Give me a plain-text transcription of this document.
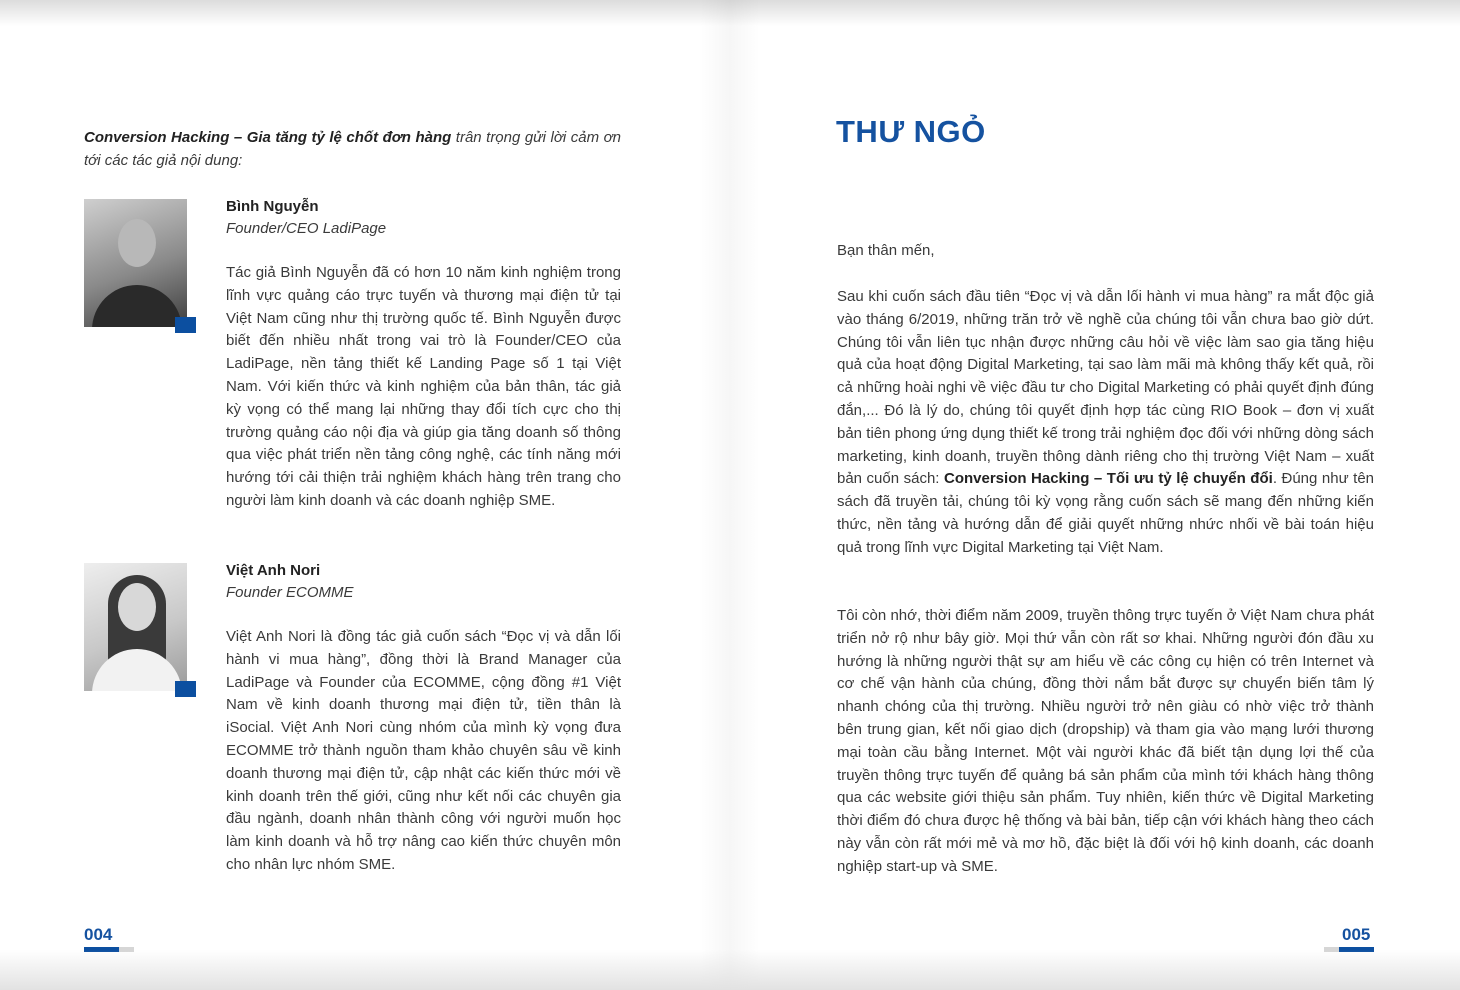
Conversion Hacking – Gia tăng tỷ lệ chốt đơn hàng trân trọng gửi lời cảm ơn tới các tác giả nội dung:

Bình Nguyễn
Founder/CEO LadiPage

Tác giả Bình Nguyễn đã có hơn 10 năm kinh nghiệm trong lĩnh vực quảng cáo trực tuyến và thương mại điện tử tại Việt Nam cũng như thị trường quốc tế. Bình Nguyễn được biết đến nhiều nhất trong vai trò là Founder/CEO của LadiPage, nền tảng thiết kế Landing Page số 1 tại Việt Nam. Với kiến thức và kinh nghiệm của bản thân, tác giả kỳ vọng có thể mang lại những thay đổi tích cực cho thị trường quảng cáo nội địa và giúp gia tăng doanh số thông qua việc phát triển nền tảng công nghệ, các tính năng mới hướng tới cải thiện trải nghiệm khách hàng trên trang cho người làm kinh doanh và các doanh nghiệp SME.

Việt Anh Nori
Founder ECOMME

Việt Anh Nori là đồng tác giả cuốn sách “Đọc vị và dẫn lối hành vi mua hàng”, đồng thời là Brand Manager của LadiPage và Founder của ECOMME, cộng đồng #1 Việt Nam về kinh doanh thương mại điện tử, tiền thân là iSocial. Việt Anh Nori cùng nhóm của mình kỳ vọng đưa ECOMME trở thành nguồn tham khảo chuyên sâu về kinh doanh thương mại điện tử, cập nhật các kiến thức mới về kinh doanh trên thế giới, cũng như kết nối các chuyên gia đầu ngành, doanh nhân thành công với người muốn học làm kinh doanh và hỗ trợ nâng cao kiến thức chuyên môn cho nhân lực nhóm SME.

004
THƯ NGỎ

Bạn thân mến,

Sau khi cuốn sách đầu tiên “Đọc vị và dẫn lối hành vi mua hàng” ra mắt độc giả vào tháng 6/2019, những trăn trở về nghề của chúng tôi vẫn chưa bao giờ dứt. Chúng tôi vẫn liên tục nhận được những câu hỏi về việc làm sao gia tăng hiệu quả của hoạt động Digital Marketing, tại sao làm mãi mà không thấy kết quả, rồi cả những hoài nghi về việc đầu tư cho Digital Marketing có phải quyết định đúng đắn,... Đó là lý do, chúng tôi quyết định hợp tác cùng RIO Book – đơn vị xuất bản tiên phong ứng dụng thiết kế trong trải nghiệm đọc đối với những dòng sách marketing, kinh doanh, truyền thông dành riêng cho thị trường Việt Nam – xuất bản cuốn sách: Conversion Hacking – Tối ưu tỷ lệ chuyển đổi. Đúng như tên sách đã truyền tải, chúng tôi kỳ vọng rằng cuốn sách sẽ mang đến những kiến thức, nền tảng và hướng dẫn để giải quyết những nhức nhối về bài toán hiệu quả trong lĩnh vực Digital Marketing tại Việt Nam.

Tôi còn nhớ, thời điểm năm 2009, truyền thông trực tuyến ở Việt Nam chưa phát triển nở rộ như bây giờ. Mọi thứ vẫn còn rất sơ khai. Những người đón đầu xu hướng là những người thật sự am hiểu về các công cụ hiện có trên Internet và cơ chế vận hành của chúng, đồng thời nắm bắt được sự chuyển biến tâm lý nhanh chóng của thị trường. Nhiều người trở nên giàu có nhờ việc trở thành bên trung gian, kết nối giao dịch (dropship) và tham gia vào mạng lưới thương mại toàn cầu bằng Internet. Một vài người khác đã biết tận dụng lợi thế của truyền thông trực tuyến để quảng bá sản phẩm của mình tới khách hàng thông qua các website giới thiệu sản phẩm. Tuy nhiên, kiến thức về Digital Marketing thời điểm đó chưa được hệ thống và bài bản, tiếp cận với khách hàng theo cách này vẫn còn rất mới mẻ và mơ hồ, đặc biệt là đối với hộ kinh doanh, các doanh nghiệp start-up và SME.

005
